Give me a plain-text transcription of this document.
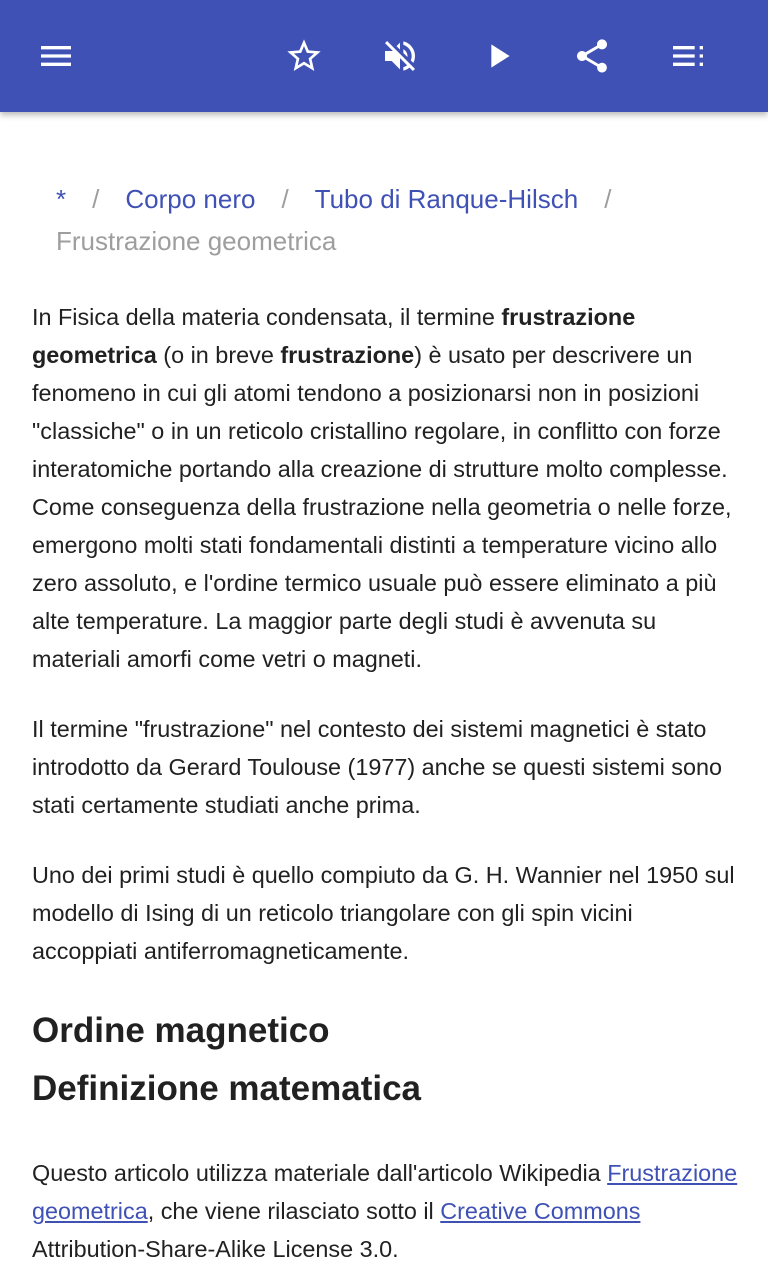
* / Corpo nero / Tubo di Ranque-Hilsch /
Frustrazione geometrica

In Fisica della materia condensata, il termine frustrazione geometrica (o in breve frustrazione) è usato per descrivere un fenomeno in cui gli atomi tendono a posizionarsi non in posizioni "classiche" o in un reticolo cristallino regolare, in conflitto con forze interatomiche portando alla creazione di strutture molto complesse. Come conseguenza della frustrazione nella geometria o nelle forze, emergono molti stati fondamentali distinti a temperature vicino allo zero assoluto, e l'ordine termico usuale può essere eliminato a più alte temperature. La maggior parte degli studi è avvenuta su materiali amorfi come vetri o magneti.

Il termine "frustrazione" nel contesto dei sistemi magnetici è stato introdotto da Gerard Toulouse (1977) anche se questi sistemi sono stati certamente studiati anche prima.

Uno dei primi studi è quello compiuto da G. H. Wannier nel 1950 sul modello di Ising di un reticolo triangolare con gli spin vicini accoppiati antiferromagneticamente.

Ordine magnetico
Definizione matematica

Questo articolo utilizza materiale dall'articolo Wikipedia Frustrazione geometrica, che viene rilasciato sotto il Creative Commons Attribution-Share-Alike License 3.0.
